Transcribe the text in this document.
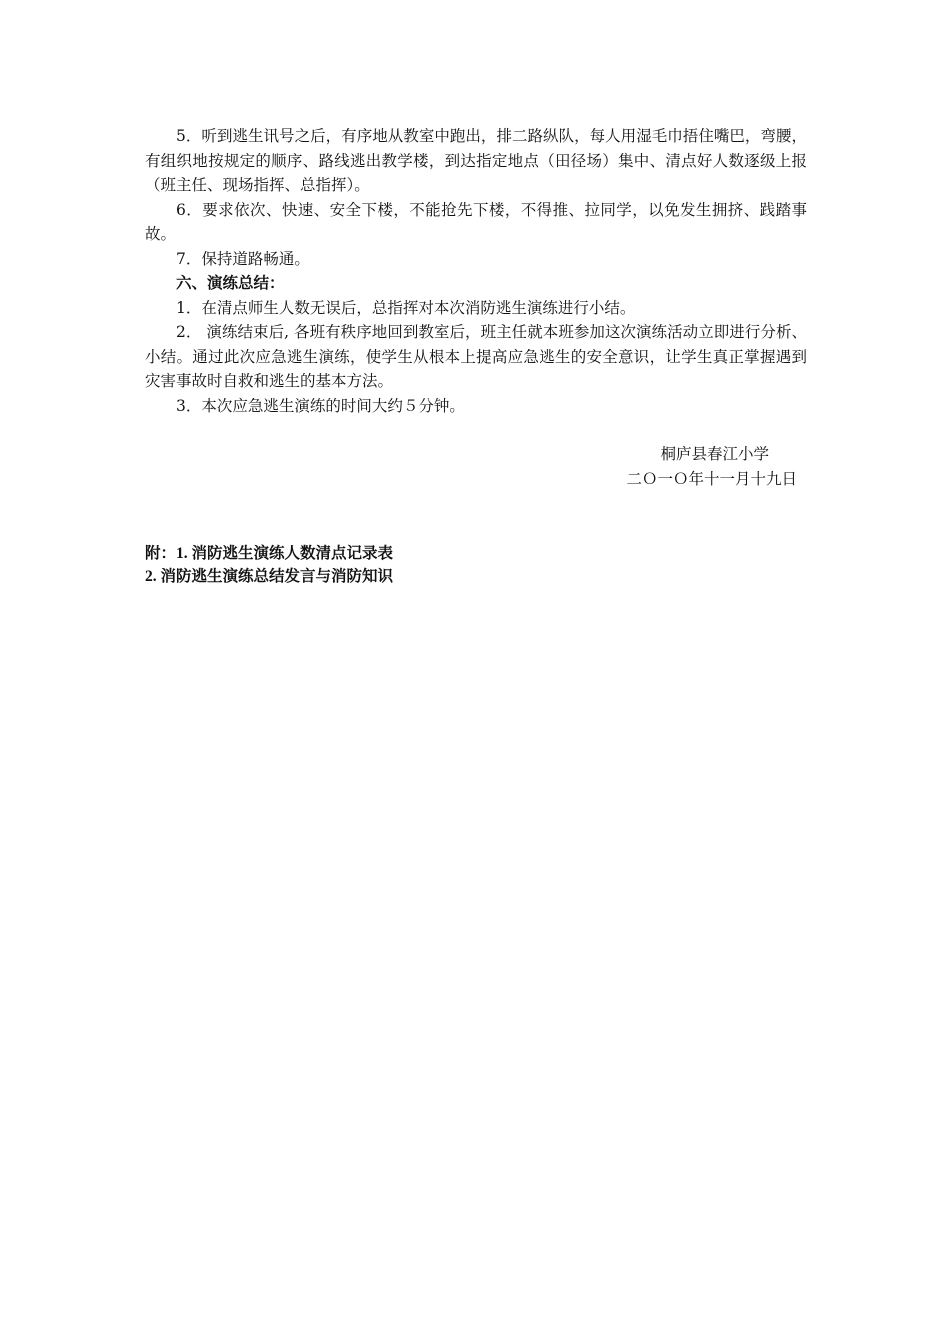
5．听到逃生讯号之后，有序地从教室中跑出，排二路纵队，每人用湿毛巾捂住嘴巴，弯腰，有组织地按规定的顺序、路线逃出教学楼，到达指定地点（田径场）集中、清点好人数逐级上报（班主任、现场指挥、总指挥）。

6．要求依次、快速、安全下楼，不能抢先下楼，不得推、拉同学，以免发生拥挤、践踏事故。

7．保持道路畅通。

六、演练总结：

1．在清点师生人数无误后，总指挥对本次消防逃生演练进行小结。

2． 演练结束后, 各班有秩序地回到教室后，班主任就本班参加这次演练活动立即进行分析、小结。通过此次应急逃生演练，使学生从根本上提高应急逃生的安全意识，让学生真正掌握遇到灾害事故时自救和逃生的基本方法。

3．本次应急逃生演练的时间大约５分钟。

桐庐县春江小学

二Ｏ一Ｏ年十一月十九日

附：1. 消防逃生演练人数清点记录表

2. 消防逃生演练总结发言与消防知识
